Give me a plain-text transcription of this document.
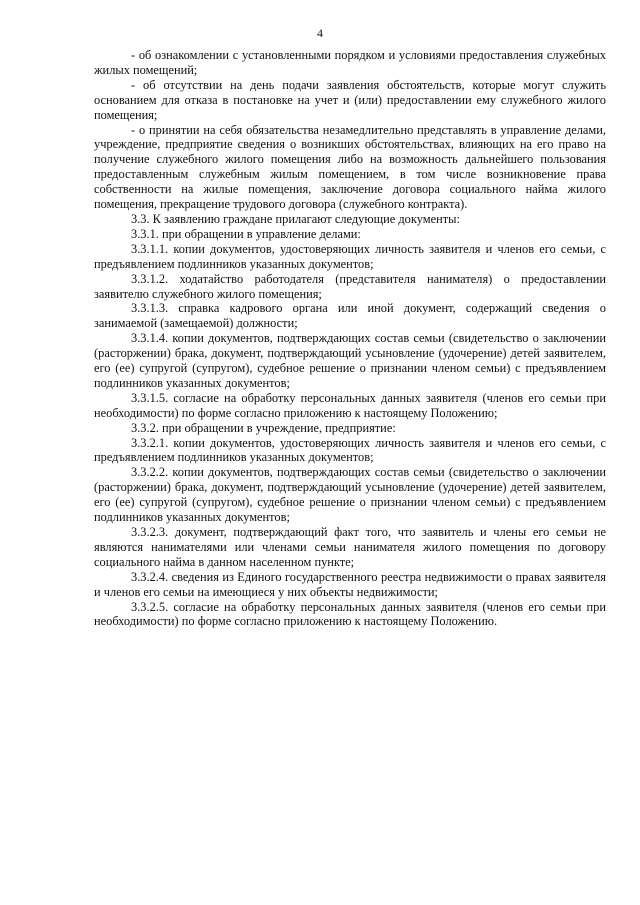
4

- об ознакомлении с установленными порядком и условиями предоставления служебных жилых помещений;

- об отсутствии на день подачи заявления обстоятельств, которые могут служить основанием для отказа в постановке на учет и (или) предоставлении ему служебного жилого помещения;

- о принятии на себя обязательства незамедлительно представлять в управление делами, учреждение, предприятие сведения о возникших обстоятельствах, влияющих на его право на получение служебного жилого помещения либо на возможность дальнейшего пользования предоставленным служебным жилым помещением, в том числе возникновение права собственности на жилые помещения, заключение договора социального найма жилого помещения, прекращение трудового договора (служебного контракта).

3.3. К заявлению граждане прилагают следующие документы:

3.3.1. при обращении в управление делами:

3.3.1.1. копии документов, удостоверяющих личность заявителя и членов его семьи, с предъявлением подлинников указанных документов;

3.3.1.2. ходатайство работодателя (представителя нанимателя) о предоставлении заявителю служебного жилого помещения;

3.3.1.3. справка кадрового органа или иной документ, содержащий сведения о занимаемой (замещаемой) должности;

3.3.1.4. копии документов, подтверждающих состав семьи (свидетельство о заключении (расторжении) брака, документ, подтверждающий усыновление (удочерение) детей заявителем, его (ее) супругой (супругом), судебное решение о признании членом семьи) с предъявлением подлинников указанных документов;

3.3.1.5. согласие на обработку персональных данных заявителя (членов его семьи при необходимости) по форме согласно приложению к настоящему Положению;

3.3.2. при обращении в учреждение, предприятие:

3.3.2.1. копии документов, удостоверяющих личность заявителя и членов его семьи, с предъявлением подлинников указанных документов;

3.3.2.2. копии документов, подтверждающих состав семьи (свидетельство о заключении (расторжении) брака, документ, подтверждающий усыновление (удочерение) детей заявителем, его (ее) супругой (супругом), судебное решение о признании членом семьи) с предъявлением подлинников указанных документов;

3.3.2.3. документ, подтверждающий факт того, что заявитель и члены его семьи не являются нанимателями или членами семьи нанимателя жилого помещения по договору социального найма в данном населенном пункте;

3.3.2.4. сведения из Единого государственного реестра недвижимости о правах заявителя и членов его семьи на имеющиеся у них объекты недвижимости;

3.3.2.5. согласие на обработку персональных данных заявителя (членов его семьи при необходимости) по форме согласно приложению к настоящему Положению.
